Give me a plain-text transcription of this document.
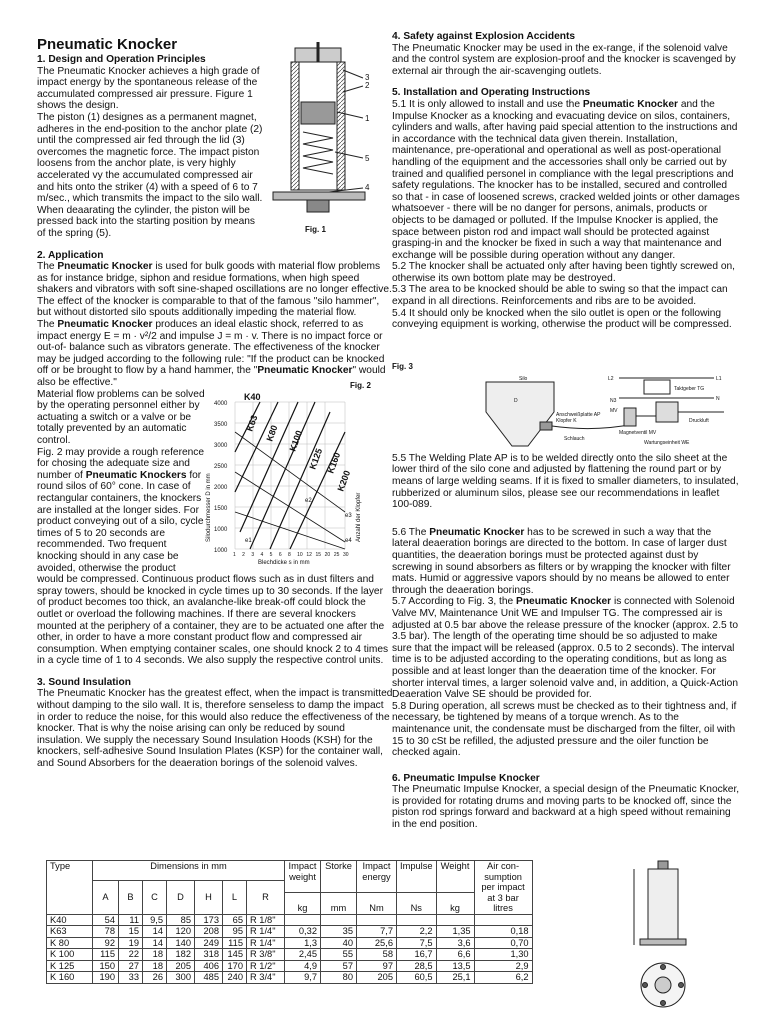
Pneumatic Knocker
1. Design and Operation Principles

The Pneumatic Knocker achieves a high grade of impact energy by the spontaneous release of the accumulated compressed air pressure. Figure 1 shows the design.

The piston (1) designes as a permanent magnet, adheres in the end-position to the anchor plate (2) until the compressed air fed through the lid (3) overcomes the magnetic force. The impact piston loosens from the anchor plate, is very highly accelerated vy the accumulated compressed air and hits onto the striker (4) with a speed of 6 to 7 m/sec., which transmits the impact to the silo wall. When deaarating the cylinder, the piston will be pressed back into the starting position by means of the spring (5).

2. Application

The Pneumatic Knocker is used for bulk goods with material flow problems as for instance bridge, siphon and residue formations, when high speed shakers and vibrators with soft sine-shaped oscillations are no longer effective. The effect of the knocker is comparable to that of the famous "silo hammer", but without distorted silo spouts additionally impeding the material flow.

The Pneumatic Knocker produces an ideal elastic shock, referred to as impact energy E = m · v²/2 and impulse J = m · v. There is no impact force or out-of- balance such as vibrators generate. The effectiveness of the knocker may be judged according to the following rule: "If the product can be knocked off or be brought to flow by a hand hammer, the "Pneumatic Knocker" would also be effective."

Material flow problems can be solved by the operating personnel either by actuating a switch or a valve or be totally prevented by an automatic control.

Fig. 2 may provide a rough reference for chosing the adequate size and number of Pneumatic Knockers for round silos of 60° cone. In case of rectangular containers, the knockers are installed at the longer sides. For product conveying out of a silo, cycle times of 5 to 20 seconds are recommended. Two frequent knocking should in any case be avoided, otherwise the product

would be compressed. Continuous product flows such as in dust filters and spray towers, should be knocked in cycle times up to 30 seconds. If the layer of product becomes too thick, an avalanche-like break-off could block the outlet or overload the following machines. If there are several knockers mounted at the periphery of a container, they are to be actuated one after the other, in order to have a more constant product flow and compressed air consumption. When emptying container scales, one should knock 2 to 4 times in a cycle time of 1 to 4 seconds. We also supply the respective control units.

3. Sound Insulation

The Pneumatic Knocker has the greatest effect, when the impact is transmitted without damping to the silo wall. It is, therefore senseless to damp the impact in order to reduce the noise, for this would also reduce the effectiveness of the knocker. That is why the noise arising can only be reduced by sound insulation. We supply the necessary Sound Insulation Hoods (KSH) for the knockers, self-adhesive Sound Insulation Plates (KSP) for the container wall, and Sound Absorbers for the deaeration borings of the solenoid valves.

4. Safety against Explosion Accidents

The Pneumatic Knocker may be used in the ex-range, if the solenoid valve and the control system are explosion-proof and the knocker is scavenged by external air through the air-scavenging outlets.

5. Installation and Operating Instructions

5.1 It is only allowed to install and use the Pneumatic Knocker and the Impulse Knocker as a knocking and evacuating device on silos, containers, cylinders and walls, after having paid special attention to the instructions and in accordance with the technical data given therein. Installation, maintenance, pre-operational and operational as well as post-operational handling of the equipment and the accessories shall only be carried out by trained and qualified personel in compliance with the legal prescriptions and safety regulations. The knocker has to be installed, secured and controlled so that - in case of loosened screws, cracked welded joints or other damages whatsoever - there will be no danger for persons, animals, products or objects to be damaged or polluted. If the Impulse Knocker is applied, the space between piston rod and impact wall should be protected against grasping-in and the knocker be fixed in such a way that maintenance and exchange will be possible during operation without any danger.

5.2 The knocker shall be actuated only after having been tightly screwed on, otherwise its own bottom plate may be destroyed.

5.3 The area to be knocked should be able to swing so that the impact can expand in all directions. Reinforcements and ribs are to be avoided.

5.4 It should only be knocked when the silo outlet is open or the following conveying equipment is working, otherwise the product will be compressed.

5.5 The Welding Plate AP is to be welded directly onto the silo sheet at the lower third of the silo cone and adjusted by flattening the round part or by means of large welding seams. If it is fixed to smaller diameters, to insulated, rubberized or aluminum silos, please see our recommendations in leaflet 100-089.

5.6 The Pneumatic Knocker has to be screwed in such a way that the lateral deaeration borings are directed to the bottom. In case of larger dust quantities, the deaeration borings must be protected against dust by screwing in sound absorbers as filters or by wrapping the knocker with filter mats. Humid or aggressive vapors should by no means be allowed to enter through the deaeration borings.

5.7 According to Fig. 3, the Pneumatic Knocker is connected with Solenoid Valve MV, Maintenance Unit WE and Impulser TG. The compressed air is adjusted at 0.5 bar above the release pressure of the knocker (approx. 2.5 to 3.5 bar). The length of the operating time should be so adjusted to make sure that the impact will be released (approx. 0.5 to 2 seconds). The interval time is to be adjusted according to the operating conditions, but as long as possible and at least longer than the deaeration time of the knocker. For shorter interval times, a larger solenoid valve and, in addition, a Quick-Action Deaeration Valve SE should be provided for.

5.8 During operation, all screws must be checked as to their tightness and, if necessary, be tightened by means of a torque wrench. As to the maintenance unit, the condensate must be discharged from the filter, oil with 15 to 30 cSt be refilled, the adjusted pressure and the oiler function be checked again.

6. Pneumatic Impulse Knocker

The Pneumatic Impulse Knocker, a special design of the Pneumatic Knocker, is provided for rotating drums and moving parts to be knocked off, since the piston rod springs forward and backward at a high speed without remaining in the end position.

3
2
1
5
4
Fig. 1
K40
K63
K80 K100
K125 K160
K200
Fig. 2
4000
3500
3000
2500
2000
1500
1000
1000
Silodurchmesser D in mm
Blechdicke s in mm
Anzahl der Klopfer
e1
e2
e3
e4
1 2 3 4 5 6 8 10 12 15 20 25 30
Silo
D
L2	L1
N
Taktgeber TG
N3
MV
Anschweißplatte AP
Klopfer K
Schlauch
Magnetventil MV
Druckluft
Wartungseinheit WE
Fig. 3
Type	Dimensions in mm							Impact weight	Storke	Impact energy	Impulse	Weight	Air con- sumption per impact at 3 bar litres
	A	B	C	D	H	L	R						
								kg	mm	Nm	Ns	kg	
K40	54	11	9,5	85	173	65	R 1/8"						
K63	78	15	14	120	208	95	R 1/4"	0,32	35	7,7	2,2	1,35	0,18
K 80	92	19	14	140	249	115	R 1/4"	1,3	40	25,6	7,5	3,6	0,70
K 100	115	22	18	182	318	145	R 3/8"	2,45	55	58	16,7	6,6	1,30
K 125	150	27	18	205	406	170	R 1/2"	4,9	57	97	28,5	13,5	2,9
K 160	190	33	26	300	485	240	R 3/4"	9,7	80	205	60,5	25,1	6,2
